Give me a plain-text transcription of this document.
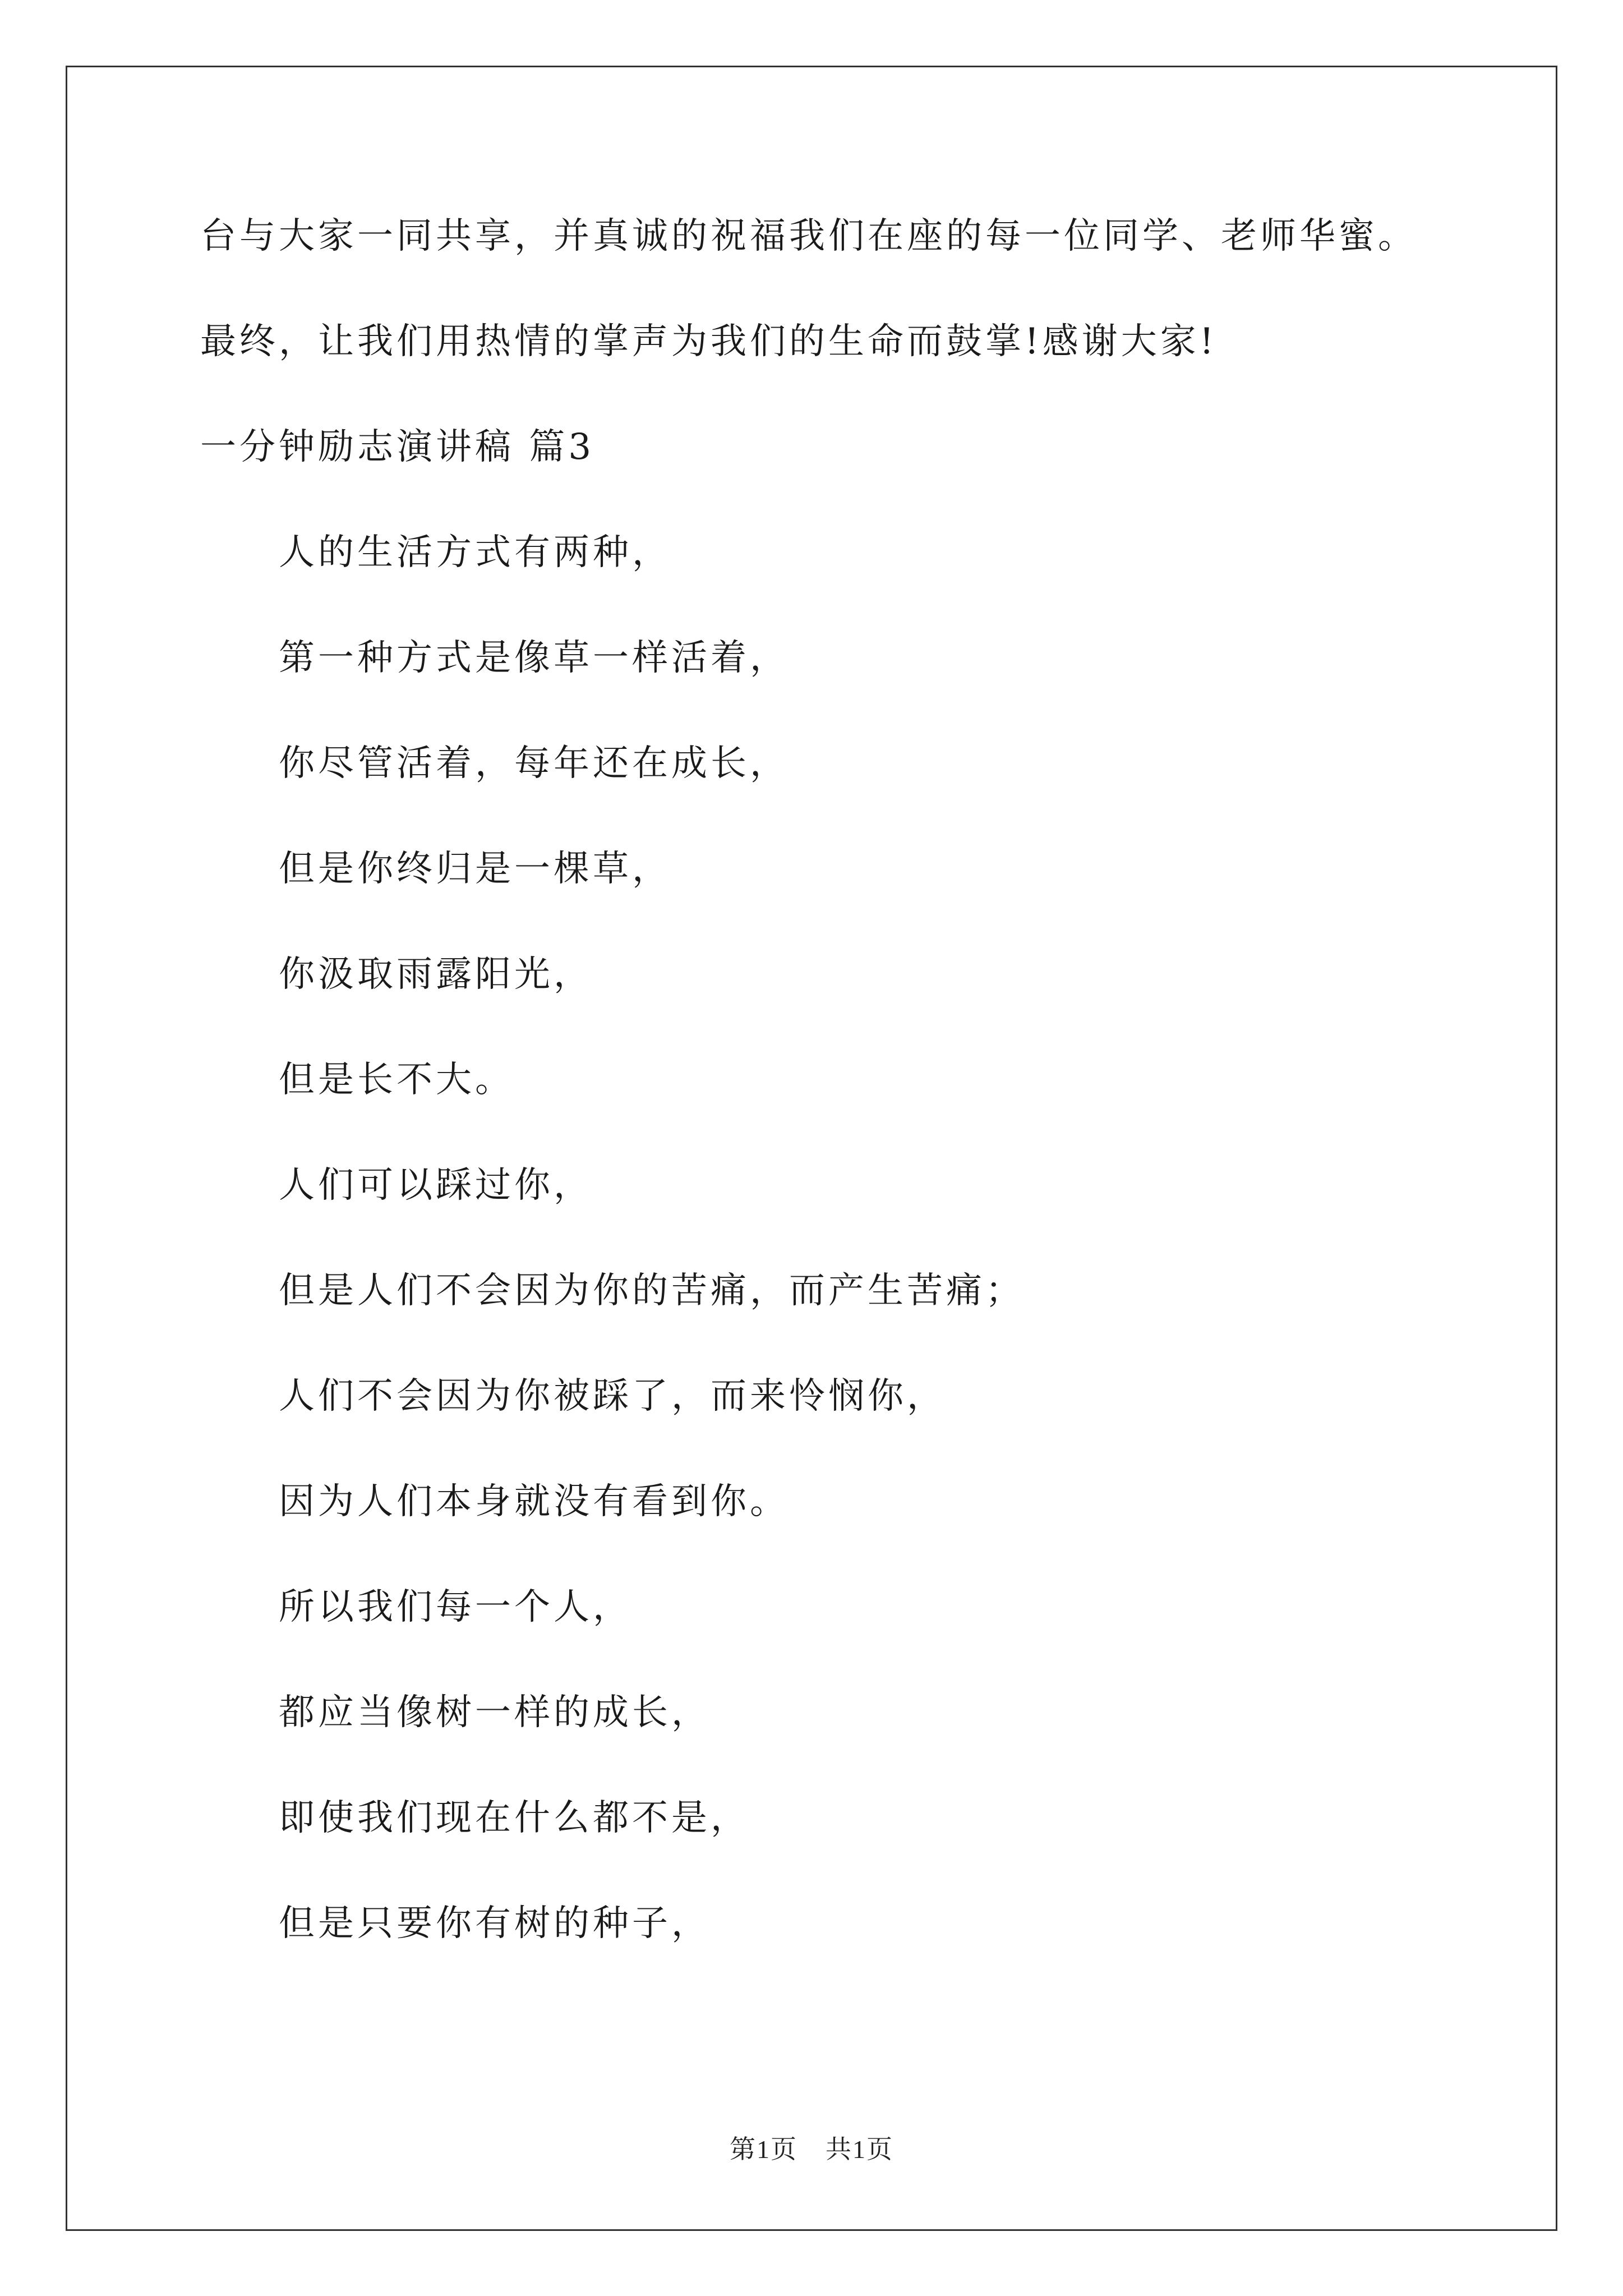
台与大家一同共享，并真诚的祝福我们在座的每一位同学、老师华蜜。

最终，让我们用热情的掌声为我们的生命而鼓掌!感谢大家!

一分钟励志演讲稿 篇3

人的生活方式有两种，

第一种方式是像草一样活着，

你尽管活着，每年还在成长，

但是你终归是一棵草，

你汲取雨露阳光，

但是长不大。

人们可以踩过你，

但是人们不会因为你的苦痛，而产生苦痛；

人们不会因为你被踩了，而来怜悯你，

因为人们本身就没有看到你。

所以我们每一个人，

都应当像树一样的成长，

即使我们现在什么都不是，

但是只要你有树的种子，

第1页 共1页
